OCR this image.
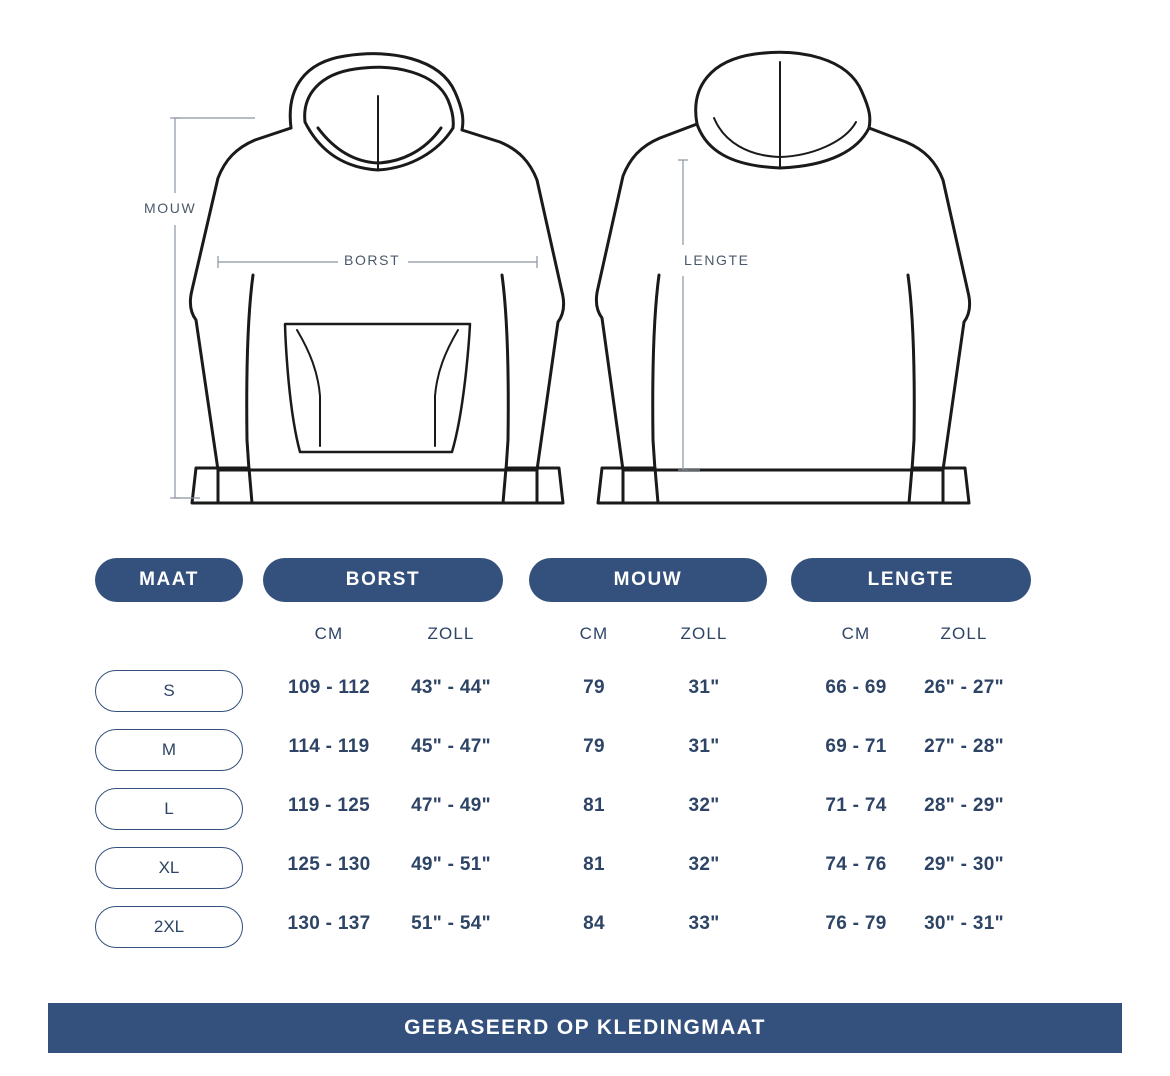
MOUW
BORST	LENGTE
MAAT	BORST	MOUW	LENGTE
CM	ZOLL	CM	ZOLL	CM	ZOLL
S	109 - 112	43" - 44"	79	31"	66 - 69	26" - 27"
M	114 - 119	45" - 47"	79	31"	69 - 71	27" - 28"
L	119 - 125	47" - 49"	81	32"	71 - 74	28" - 29"
XL	125 - 130	49" - 51"	81	32"	74 - 76	29" - 30"
2XL	130 - 137	51" - 54"	84	33"	76 - 79	30" - 31"
GEBASEERD OP KLEDINGMAAT
